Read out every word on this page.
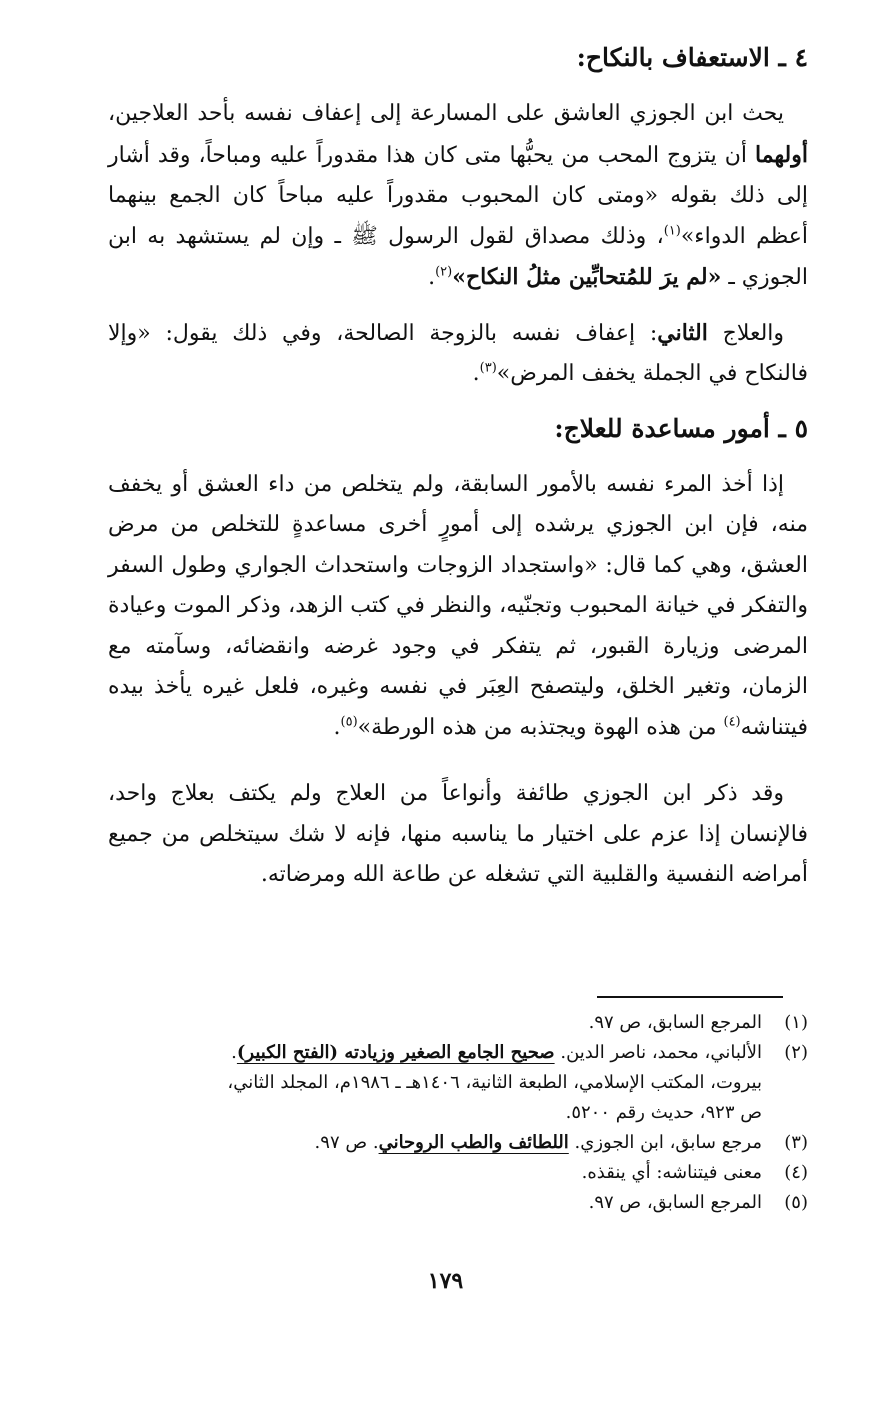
٤ ـ الاستعفاف بالنكاح:

يحث ابن الجوزي العاشق على المسارعة إلى إعفاف نفسه بأحد العلاجين، أولهما أن يتزوج المحب من يحبُّها متى كان هذا مقدوراً عليه ومباحاً، وقد أشار إلى ذلك بقوله «ومتى كان المحبوب مقدوراً عليه مباحاً كان الجمع بينهما أعظم الدواء»$^{(١)}$، وذلك مصداق لقول الرسول ﷺ ـ وإن لم يستشهد به ابن الجوزي ـ «لم يرَ للمُتحابِّين مثلُ النكاح»$^{(٢)}$.

والعلاج الثاني: إعفاف نفسه بالزوجة الصالحة، وفي ذلك يقول: «وإلا فالنكاح في الجملة يخفف المرض»$^{(٣)}$.

٥ ـ أمور مساعدة للعلاج:

إذا أخذ المرء نفسه بالأمور السابقة، ولم يتخلص من داء العشق أو يخفف منه، فإن ابن الجوزي يرشده إلى أمورٍ أخرى مساعدةٍ للتخلص من مرض العشق، وهي كما قال: «واستجداد الزوجات واستحداث الجواري وطول السفر والتفكر في خيانة المحبوب وتجنّيه، والنظر في كتب الزهد، وذكر الموت وعيادة المرضى وزيارة القبور، ثم يتفكر في وجود غرضه وانقضائه، وسآمته مع الزمان، وتغير الخلق، وليتصفح العِبَر في نفسه وغيره، فلعل غيره يأخذ بيده فيتناشه$^{(٤)}$ من هذه الهوة ويجتذبه من هذه الورطة»$^{(٥)}$.

وقد ذكر ابن الجوزي طائفة وأنواعاً من العلاج ولم يكتف بعلاج واحد، فالإنسان إذا عزم على اختيار ما يناسبه منها، فإنه لا شك سيتخلص من جميع أمراضه النفسية والقلبية التي تشغله عن طاعة الله ومرضاته.

(١)
المرجع السابق، ص ٩٧.
(٢)
الألباني، محمد، ناصر الدين. صحيح الجامع الصغير وزيادته (الفتح الكبير).
بيروت، المكتب الإسلامي، الطبعة الثانية، ١٤٠٦هـ ـ ١٩٨٦م، المجلد الثاني،
ص ٩٢٣، حديث رقم ٥٢٠٠.
(٣)
مرجع سابق، ابن الجوزي. اللطائف والطب الروحاني. ص ٩٧.
(٤)
معنى فيتناشه: أي ينقذه.
(٥)
المرجع السابق، ص ٩٧.
١٧٩
